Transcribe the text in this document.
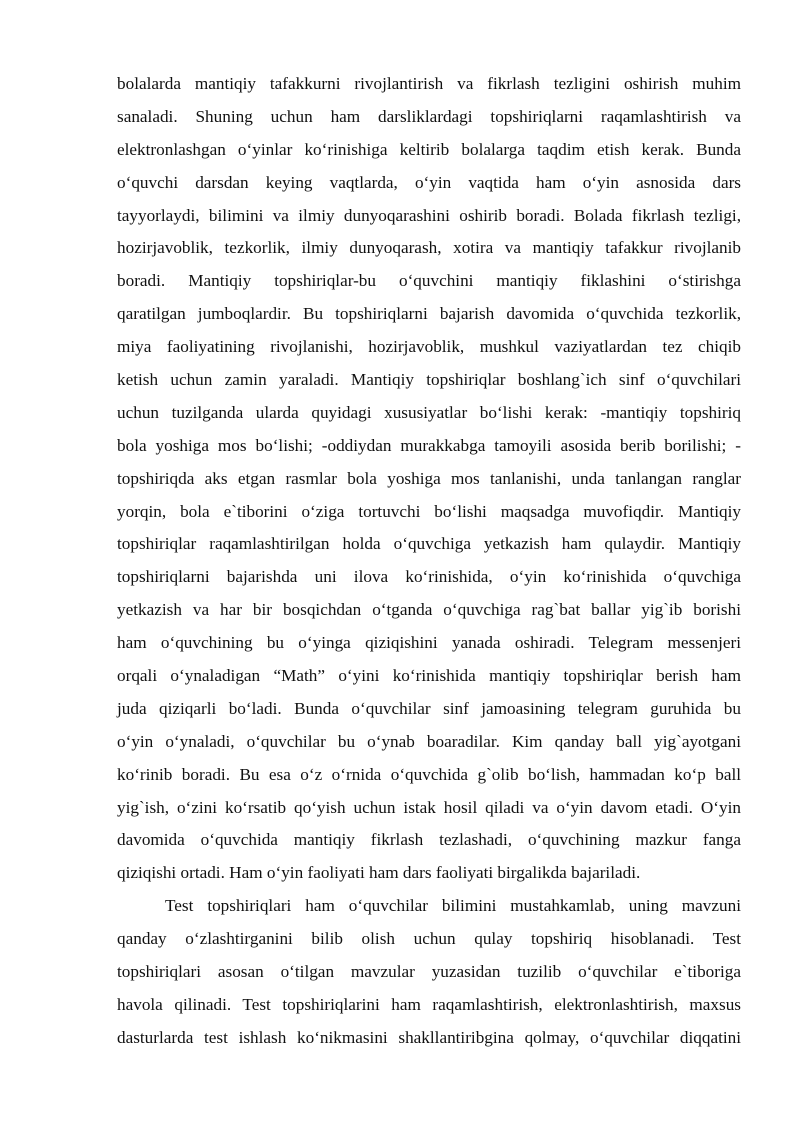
bolalarda mantiqiy tafakkurni rivojlantirish va fikrlash tezligini oshirish muhim
sanaladi. Shuning uchun ham darsliklardagi topshiriqlarni raqamlashtirish va
elektronlashgan o‘yinlar ko‘rinishiga keltirib bolalarga taqdim etish kerak. Bunda
o‘quvchi darsdan keying vaqtlarda, o‘yin vaqtida ham o‘yin asnosida dars
tayyorlaydi, bilimini va ilmiy dunyoqarashini oshirib boradi. Bolada fikrlash tezligi,
hozirjavoblik, tezkorlik, ilmiy dunyoqarash, xotira va mantiqiy tafakkur rivojlanib
boradi. Mantiqiy topshiriqlar-bu o‘quvchini mantiqiy fiklashini o‘stirishga
qaratilgan jumboqlardir. Bu topshiriqlarni bajarish davomida o‘quvchida tezkorlik,
miya faoliyatining rivojlanishi, hozirjavoblik, mushkul vaziyatlardan tez chiqib
ketish uchun zamin yaraladi. Mantiqiy topshiriqlar boshlang`ich sinf o‘quvchilari
uchun tuzilganda ularda quyidagi xususiyatlar bo‘lishi kerak: -mantiqiy topshiriq
bola yoshiga mos bo‘lishi; -oddiydan murakkabga tamoyili asosida berib borilishi; -
topshiriqda aks etgan rasmlar bola yoshiga mos tanlanishi, unda tanlangan ranglar
yorqin, bola e`tiborini o‘ziga tortuvchi bo‘lishi maqsadga muvofiqdir. Mantiqiy
topshiriqlar raqamlashtirilgan holda o‘quvchiga yetkazish ham qulaydir. Mantiqiy
topshiriqlarni bajarishda uni ilova ko‘rinishida, o‘yin ko‘rinishida o‘quvchiga
yetkazish va har bir bosqichdan o‘tganda o‘quvchiga rag`bat ballar yig`ib borishi
ham o‘quvchining bu o‘yinga qiziqishini yanada oshiradi. Telegram messenjeri
orqali o‘ynaladigan “Math” o‘yini ko‘rinishida mantiqiy topshiriqlar berish ham
juda qiziqarli bo‘ladi. Bunda o‘quvchilar sinf jamoasining telegram guruhida bu
o‘yin o‘ynaladi, o‘quvchilar bu o‘ynab boaradilar. Kim qanday ball yig`ayotgani
ko‘rinib boradi. Bu esa o‘z o‘rnida o‘quvchida g`olib bo‘lish, hammadan ko‘p ball
yig`ish, o‘zini ko‘rsatib qo‘yish uchun istak hosil qiladi va o‘yin davom etadi. O‘yin
davomida o‘quvchida mantiqiy fikrlash tezlashadi, o‘quvchining mazkur fanga
qiziqishi ortadi. Ham o‘yin faoliyati ham dars faoliyati birgalikda bajariladi.
Test topshiriqlari ham o‘quvchilar bilimini mustahkamlab, uning mavzuni
qanday o‘zlashtirganini bilib olish uchun qulay topshiriq hisoblanadi. Test
topshiriqlari asosan o‘tilgan mavzular yuzasidan tuzilib o‘quvchilar e`tiboriga
havola qilinadi. Test topshiriqlarini ham raqamlashtirish, elektronlashtirish, maxsus
dasturlarda test ishlash ko‘nikmasini shakllantiribgina qolmay, o‘quvchilar diqqatini
